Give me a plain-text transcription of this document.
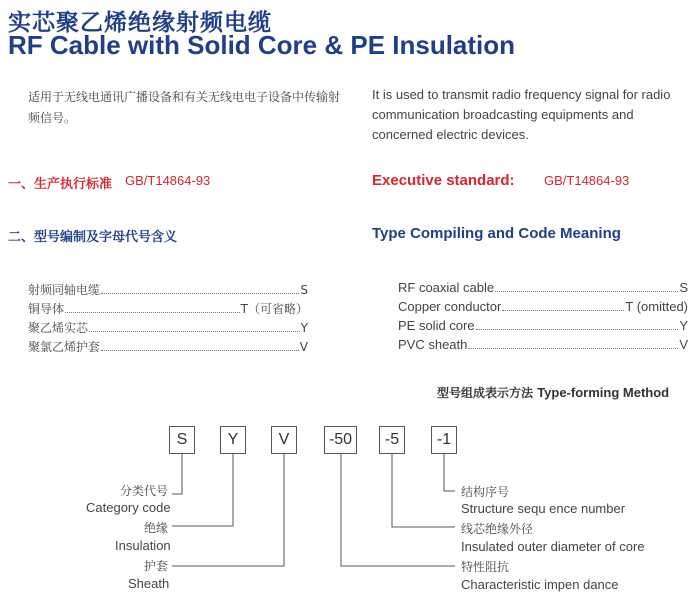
实芯聚乙烯绝缘射频电缆
RF Cable with Solid Core & PE Insulation
适用于无线电通讯广播设备和有关无线电电子设备中传输射频信号。
It is used to transmit radio frequency signal for radio communication broadcasting equipments and concerned electric devices.
一、生产执行标准 GB/T14864-93	Executive standard: GB/T14864-93
二、型号编制及字母代号含义	Type Compiling and Code Meaning
射频同轴电缆	S
铜导体	T（可省略）
聚乙烯实芯	Y
聚氯乙烯护套	V
RF coaxial cable	S
Copper conductor	T (omitted)
PE solid core	Y
PVC sheath	V
型号组成表示方法 Type-forming Method
S	Y	V	-50	-5	-1
分类代号
Category code
绝缘
Insulation
护套
Sheath
结构序号
Structure sequ ence number
线芯绝缘外径
Insulated outer diameter of core
特性阻抗
Characteristic impen dance
